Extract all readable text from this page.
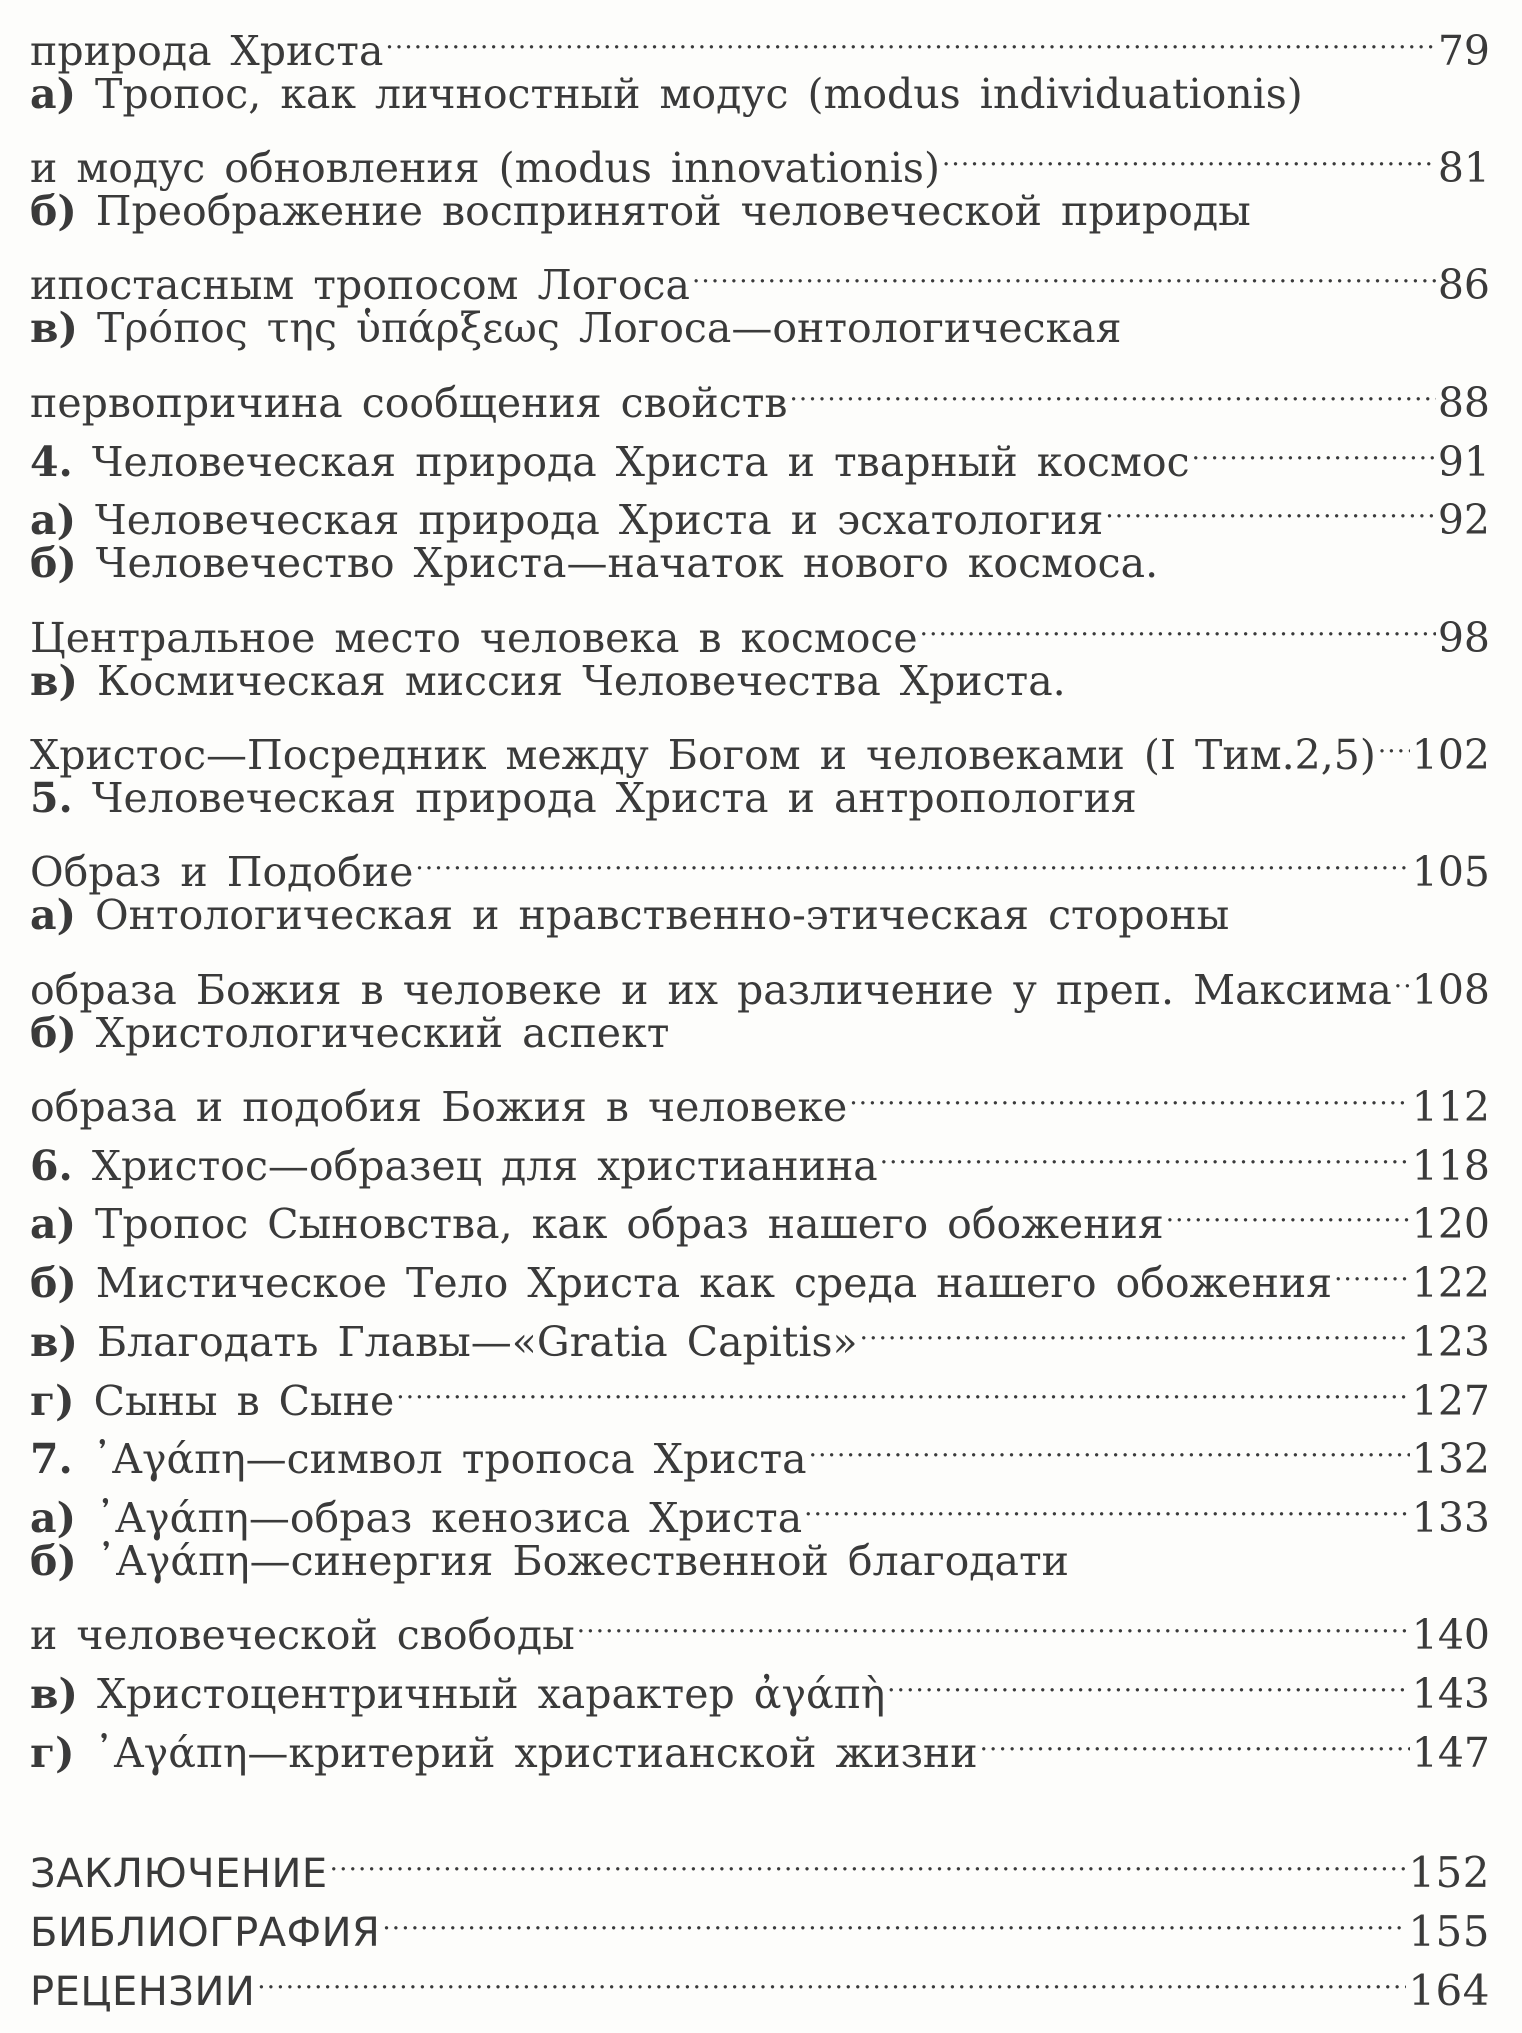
природа Христа .....	79
а) Тропос, как личностный модус (modus individuationis)
и модус обновления (modus innovationis) .....	81
б) Преображение воспринятой человеческой природы
ипостасным тропосом Логоса .....	86
в) Τρόπος της ὑπάρξεως Логоса—онтологическая
первопричина сообщения свойств .....	88
4. Человеческая природа Христа и тварный космос .....	91
а) Человеческая природа Христа и эсхатология .....	92
б) Человечество Христа—начаток нового космоса.
Центральное место человека в космосе .....	98
в) Космическая миссия Человечества Христа.
Христос—Посредник между Богом и человеками (I Тим.2,5) ..... 102
5. Человеческая природа Христа и антропология
Образ и Подобие .....	105
а) Онтологическая и нравственно-этическая стороны
образа Божия в человеке и их различение у преп. Максима ..... 108
б) Христологический аспект
образа и подобия Божия в человеке .....	112
6. Христос—образец для христианина .....	118
а) Тропос Сыновства, как образ нашего обожения .....	120
б) Мистическое Тело Христа как среда нашего обожения ..... 122
в) Благодать Главы—«Gratia Capitis» .....	123
г) Сыны в Сыне .....	127
7. ᾿Αγάπη—символ тропоса Христа .....	132
а) ᾿Αγάπη—образ кенозиса Христа .....	133
б) ᾿Αγάπη—синергия Божественной благодати
и человеческой свободы .....	140
в) Христоцентричный характер ἀγάπὴ .....	143
г) ᾿Αγάπη—критерий христианской жизни .....	147
ЗАКЛЮЧЕНИЕ .....	152
БИБЛИОГРАФИЯ .....	155
РЕЦЕНЗИИ .....	164
